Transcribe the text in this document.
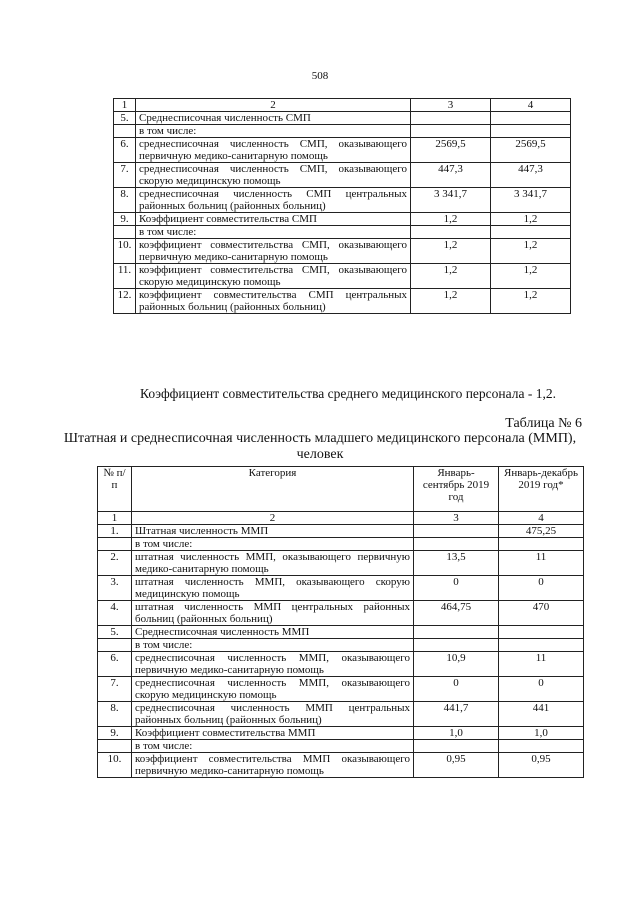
508
1	2	3	4
5.	Среднесписочная численность СМП		
	в том числе:		
6.	среднесписочная численность СМП, оказывающего первичную медико-санитарную помощь	2569,5	2569,5
7.	среднесписочная численность СМП, оказывающего скорую медицинскую помощь	447,3	447,3
8.	среднесписочная численность СМП центральных районных больниц (районных больниц)	3 341,7	3 341,7
9.	Коэффициент совместительства СМП	1,2	1,2
	в том числе:		
10.	коэффициент совместительства СМП, оказывающего первичную медико-санитарную помощь	1,2	1,2
11.	коэффициент совместительства СМП, оказывающего скорую медицинскую помощь	1,2	1,2
12.	коэффициент совместительства СМП центральных районных больниц (районных больниц)	1,2	1,2
Коэффициент совместительства среднего медицинского персонала - 1,2.
Таблица № 6
Штатная и среднесписочная численность младшего медицинского персонала (ММП), человек
№ п/п	Категория	Январь-сентябрь 2019 год	Январь-декабрь 2019 год*
1	2	3	4
1.	Штатная численность ММП		475,25
	в том числе:		
2.	штатная численность ММП, оказывающего первичную медико-санитарную помощь	13,5	11
3.	штатная численность ММП, оказывающего скорую медицинскую помощь	0	0
4.	штатная численность ММП центральных районных больниц (районных больниц)	464,75	470
5.	Среднесписочная численность ММП		
	в том числе:		
6.	среднесписочная численность ММП, оказывающего первичную медико-санитарную помощь	10,9	11
7.	среднесписочная численность ММП, оказывающего скорую медицинскую помощь	0	0
8.	среднесписочная численность ММП центральных районных больниц (районных больниц)	441,7	441
9.	Коэффициент совместительства ММП	1,0	1,0
	в том числе:		
10.	коэффициент совместительства ММП оказывающего первичную медико-санитарную помощь	0,95	0,95
